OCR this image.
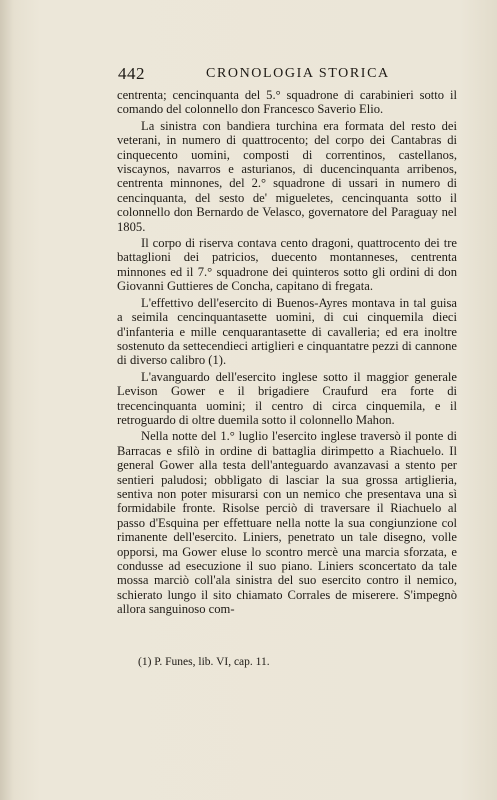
442	CRONOLOGIA STORICA

centrenta; cencinquanta del 5.° squadrone di carabinieri sotto il comando del colonnello don Francesco Saverio Elio.

La sinistra con bandiera turchina era formata del resto dei veterani, in numero di quattrocento; del corpo dei Cantabras di cinquecento uomini, composti di correntinos, castellanos, viscaynos, navarros e asturianos, di ducencinquanta arribenos, centrenta minnones, del 2.° squadrone di ussari in numero di cencinquanta, del sesto de' migueletes, cencinquanta sotto il colonnello don Bernardo de Velasco, governatore del Paraguay nel 1805.

Il corpo di riserva contava cento dragoni, quattrocento dei tre battaglioni dei patricios, duecento montanneses, centrenta minnones ed il 7.° squadrone dei quinteros sotto gli ordini di don Giovanni Guttieres de Concha, capitano di fregata.

L'effettivo dell'esercito di Buenos-Ayres montava in tal guisa a seimila cencinquantasette uomini, di cui cinquemila dieci d'infanteria e mille cenquarantasette di cavalleria; ed era inoltre sostenuto da settecendieci artiglieri e cinquantatre pezzi di cannone di diverso calibro (1).

L'avanguardo dell'esercito inglese sotto il maggior generale Levison Gower e il brigadiere Craufurd era forte di trecencinquanta uomini; il centro di circa cinquemila, e il retroguardo di oltre duemila sotto il colonnello Mahon.

Nella notte del 1.° luglio l'esercito inglese traversò il ponte di Barracas e sfilò in ordine di battaglia dirimpetto a Riachuelo. Il general Gower alla testa dell'anteguardo avanzavasi a stento per sentieri paludosi; obbligato di lasciar la sua grossa artiglieria, sentiva non poter misurarsi con un nemico che presentava una sì formidabile fronte. Risolse perciò di traversare il Riachuelo al passo d'Esquina per effettuare nella notte la sua congiunzione col rimanente dell'esercito. Liniers, penetrato un tale disegno, volle opporsi, ma Gower eluse lo scontro mercè una marcia sforzata, e condusse ad esecuzione il suo piano. Liniers sconcertato da tale mossa marciò coll'ala sinistra del suo esercito contro il nemico, schierato lungo il sito chiamato Corrales de miserere. S'impegnò allora sanguinoso com-

(1) P. Funes, lib. VI, cap. 11.
